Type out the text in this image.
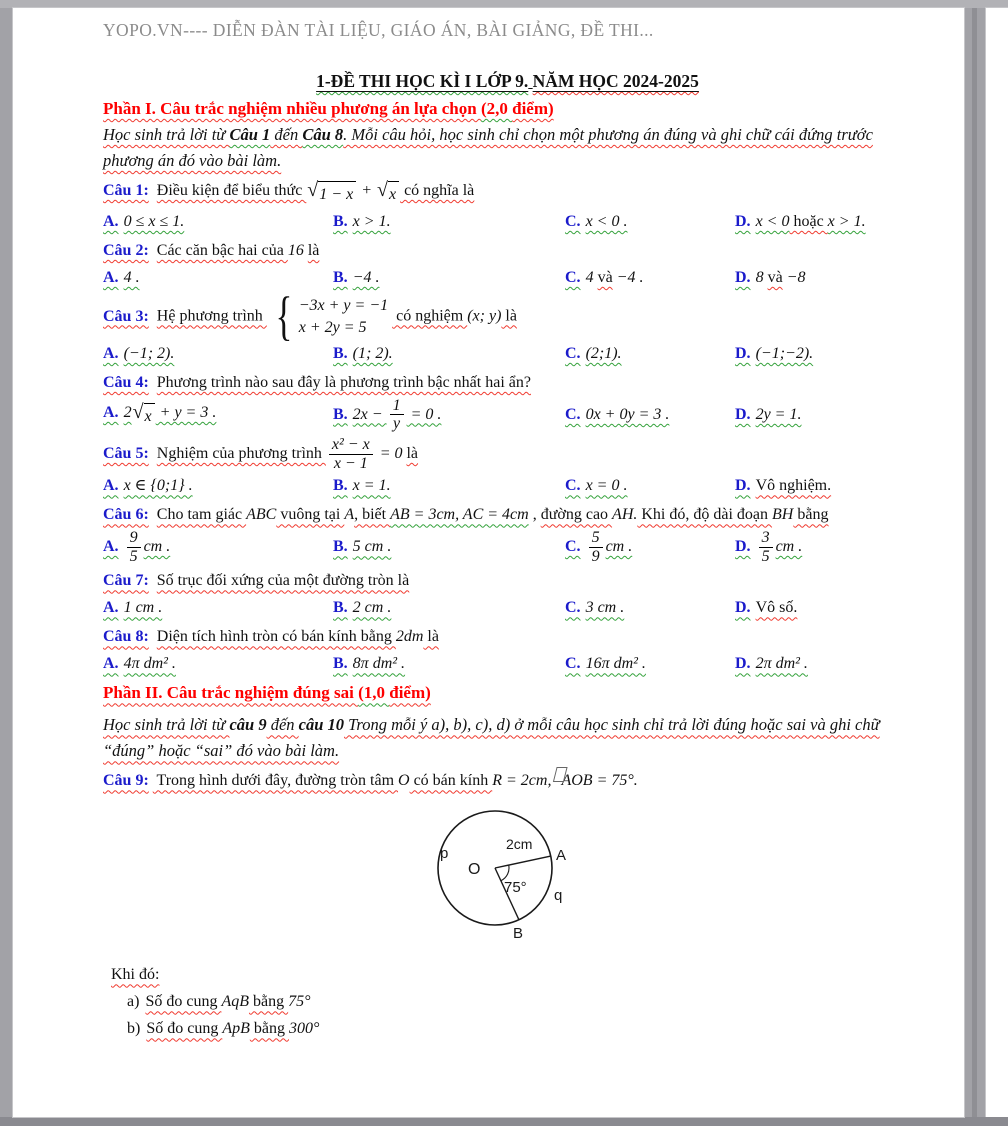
YOPO.VN---- DIỄN ĐÀN TÀI LIỆU, GIÁO ÁN, BÀI GIẢNG, ĐỀ THI...
1-ĐỀ THI HỌC KÌ I LỚP 9. NĂM HỌC 2024-2025
Phần I. Câu trắc nghiệm nhiều phương án lựa chọn (2,0 điểm)
Học sinh trả lời từ Câu 1 đến Câu 8. Mỗi câu hỏi, học sinh chỉ chọn một phương án đúng và ghi chữ cái đứng trước phương án đó vào bài làm.
Câu 1: Điều kiện để biểu thức √ 1 − x + √ x có nghĩa là
A. 0 ≤ x ≤ 1.	B. x > 1.	C. x < 0 .	D. x < 0 hoặc x > 1.
Câu 2: Các căn bậc hai của 16 là
A. 4 .	B. −4 .	C. 4 và −4 .	D. 8 và −8
Câu 3: Hệ phương trình { −3x + y = −1
x + 2y = 5
có nghiệm (x; y) là
A. (−1; 2).	B. (1; 2).	C. (2;1).	D. (−1;−2).
Câu 4: Phương trình nào sau đây là phương trình bậc nhất hai ẩn?
A. 2 √ x + y = 3 .	B. $2x - \frac{1}{y} = 0$ .	C. 0x + 0y = 3 .	D. 2y = 1.
Câu 5: Nghiệm của phương trình $\frac{\text{x² − x}}{x - 1} = 0$ là
A. x ∈ {0;1} .	B. x = 1.	C. x = 0 .	D. Vô nghiệm.
Câu 6: Cho tam giác ABC vuông tại A, biết AB = 3cm, AC = 4cm , đường cao AH. Khi đó, độ dài đoạn BH bằng
A. $\frac{9}{5}$ cm .	B. 5 cm .	C. $\frac{5}{9}$ cm .	D. $\frac{3}{5}$ cm .
Câu 7: Số trục đối xứng của một đường tròn là
A. 1 cm .	B. 2 cm .	C. 3 cm .	D. Vô số.
Câu 8: Diện tích hình tròn có bán kính bằng 2dm là
A. 4π dm² .	B. 8π dm² .	C. 16π dm² .	D. 2π dm² .
Phần II. Câu trắc nghiệm đúng sai (1,0 điểm)
Học sinh trả lời từ câu 9 đến câu 10 Trong mỗi ý a), b), c), d) ở mỗi câu học sinh chỉ trả lời đúng hoặc sai và ghi chữ “đúng” hoặc “sai” đó vào bài làm.
Câu 9: Trong hình dưới đây, đường tròn tâm O có bán kính R = 2cm, AOB = 75°.
O
2cm
75°
A
p
q
B
Khi đó:
a) Số đo cung AqB bằng 75°
b) Số đo cung ApB bằng 300°
